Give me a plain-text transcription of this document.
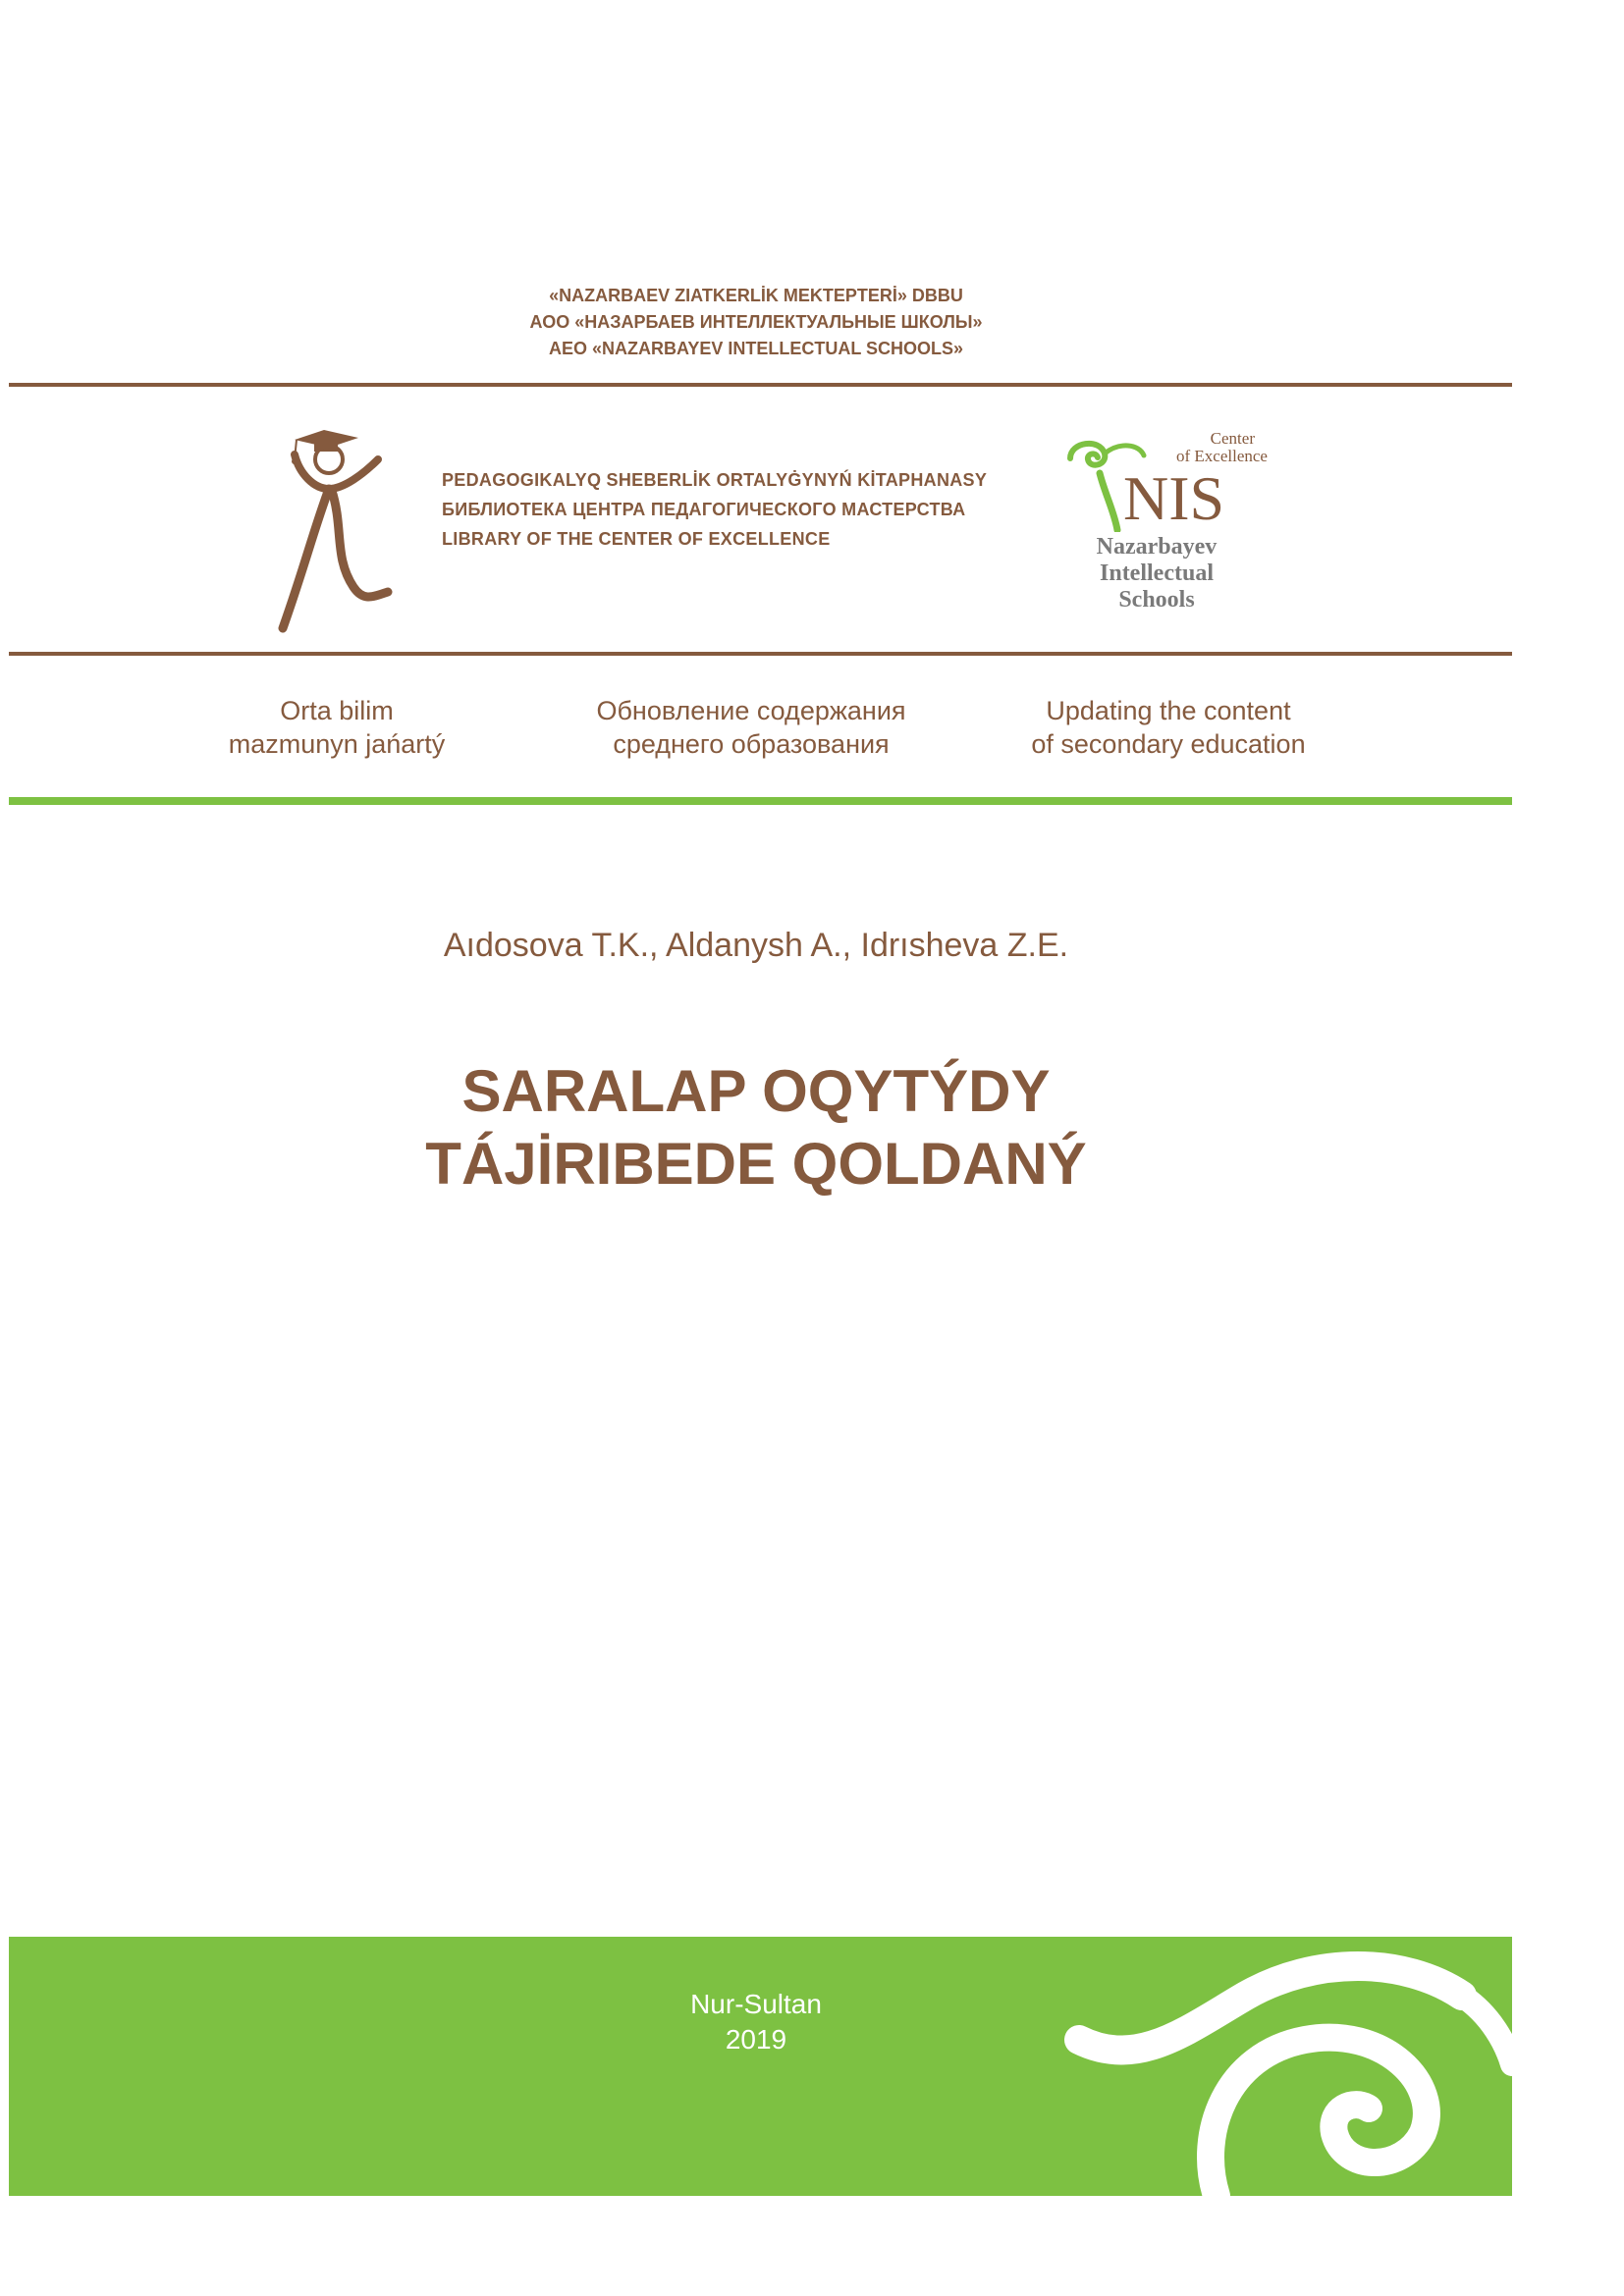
«NAZARBAEV ZIATKERLİK MEKTEPTERİ» DBBU
АОО «НАЗАРБАЕВ ИНТЕЛЛЕКТУАЛЬНЫЕ ШКОЛЫ»
AEO «NAZARBAYEV INTELLECTUAL SCHOOLS»
PEDAGOGIKALYQ SHEBERLİK ORTALYĠYNYŃ KİTAPHANASY
БИБЛИОТЕКА ЦЕНТРА ПЕДАГОГИЧЕСКОГО МАСТЕРСТВА
LIBRARY OF THE CENTER OF EXCELLENCE
Center
of Excellence
NIS
Nazarbayev
Intellectual
Schools
Orta bilim
mazmunyn jańartý
Обновление содержания
среднего образования
Updating the content
of secondary education
Aıdosova T.K., Aldanysh A., Idrısheva Z.E.
SARALAP OQYTÝDY
TÁJİRIBEDE QOLDANÝ
Nur-Sultan
2019
